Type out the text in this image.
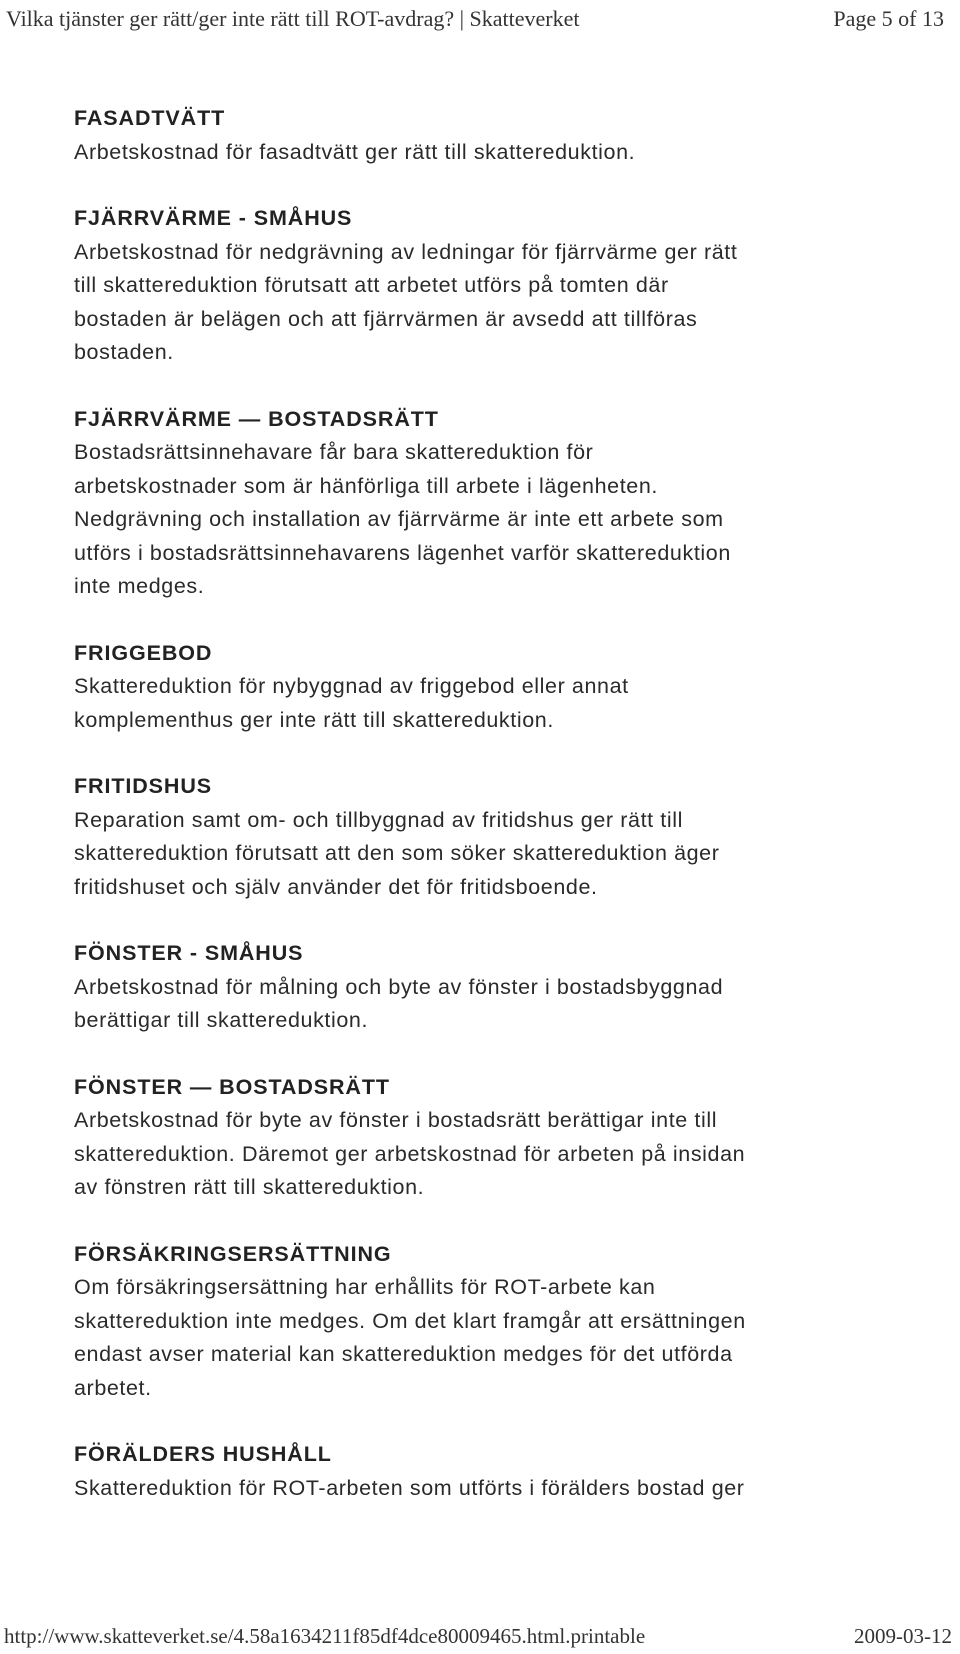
Vilka tjänster ger rätt/ger inte rätt till ROT-avdrag? | Skatteverket	Page 5 of 13
FASADTVÄTT

Arbetskostnad för fasadtvätt ger rätt till skattereduktion.

FJÄRRVÄRME - SMÅHUS

Arbetskostnad för nedgrävning av ledningar för fjärrvärme ger rätt
till skattereduktion förutsatt att arbetet utförs på tomten där
bostaden är belägen och att fjärrvärmen är avsedd att tillföras
bostaden.

FJÄRRVÄRME — BOSTADSRÄTT

Bostadsrättsinnehavare får bara skattereduktion för
arbetskostnader som är hänförliga till arbete i lägenheten.
Nedgrävning och installation av fjärrvärme är inte ett arbete som
utförs i bostadsrättsinnehavarens lägenhet varför skattereduktion
inte medges.

FRIGGEBOD

Skattereduktion för nybyggnad av friggebod eller annat
komplementhus ger inte rätt till skattereduktion.

FRITIDSHUS

Reparation samt om- och tillbyggnad av fritidshus ger rätt till
skattereduktion förutsatt att den som söker skattereduktion äger
fritidshuset och själv använder det för fritidsboende.

FÖNSTER - SMÅHUS

Arbetskostnad för målning och byte av fönster i bostadsbyggnad
berättigar till skattereduktion.

FÖNSTER — BOSTADSRÄTT

Arbetskostnad för byte av fönster i bostadsrätt berättigar inte till
skattereduktion. Däremot ger arbetskostnad för arbeten på insidan
av fönstren rätt till skattereduktion.

FÖRSÄKRINGSERSÄTTNING

Om försäkringsersättning har erhållits för ROT-arbete kan
skattereduktion inte medges. Om det klart framgår att ersättningen
endast avser material kan skattereduktion medges för det utförda
arbetet.

FÖRÄLDERS HUSHÅLL

Skattereduktion för ROT-arbeten som utförts i förälders bostad ger

http://www.skatteverket.se/4.58a1634211f85df4dce80009465.html.printable	2009-03-12
